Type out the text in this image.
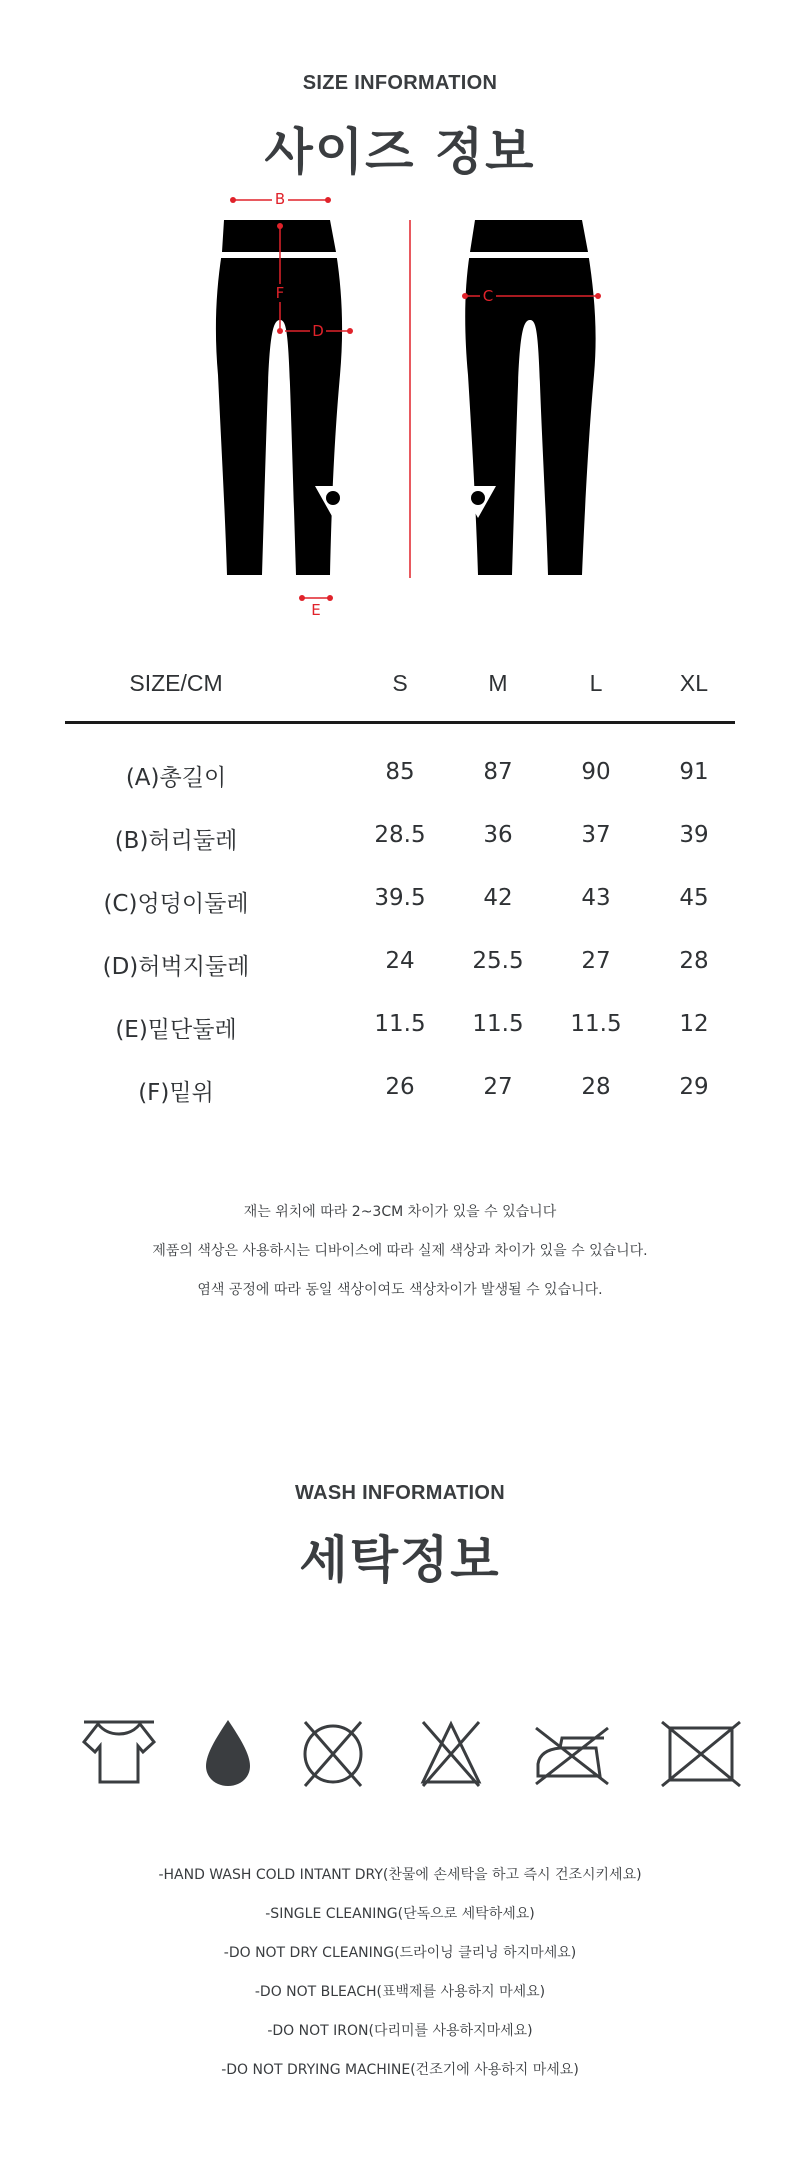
SIZE INFORMATION
사이즈 정보
B
F
D
E
C
SIZE/CM	S	M	L	XL
(A)총길이	85	87	90	91
(B)허리둘레	28.5	36	37	39
(C)엉덩이둘레	39.5	42	43	45
(D)허벅지둘레	24	25.5	27	28
(E)밑단둘레	11.5	11.5	11.5	12
(F)밑위	26	27	28	29
재는 위치에 따라 2~3CM 차이가 있을 수 있습니다
제품의 색상은 사용하시는 디바이스에 따라 실제 색상과 차이가 있을 수 있습니다.
염색 공정에 따라 동일 색상이여도 색상차이가 발생될 수 있습니다.
WASH INFORMATION
세탁정보
-HAND WASH COLD INTANT DRY(찬물에 손세탁을 하고 즉시 건조시키세요)
-SINGLE CLEANING(단독으로 세탁하세요)
-DO NOT DRY CLEANING(드라이닝 클리닝 하지마세요)
-DO NOT BLEACH(표백제를 사용하지 마세요)
-DO NOT IRON(다리미를 사용하지마세요)
-DO NOT DRYING MACHINE(건조기에 사용하지 마세요)
